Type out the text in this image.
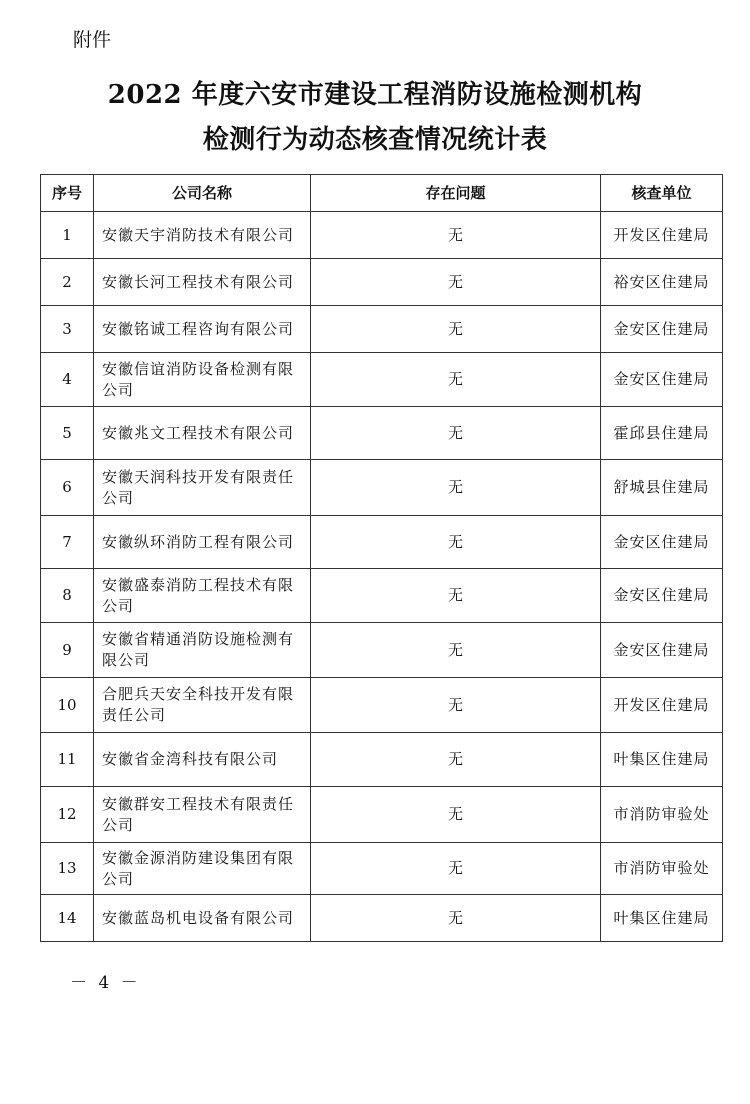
附件
2022 年度六安市建设工程消防设施检测机构
检测行为动态核查情况统计表
序号	公司名称	存在问题	核查单位
1	安徽天宇消防技术有限公司	无	开发区住建局
2	安徽长河工程技术有限公司	无	裕安区住建局
3	安徽铭诚工程咨询有限公司	无	金安区住建局
4	安徽信谊消防设备检测有限公司	无	金安区住建局
5	安徽兆文工程技术有限公司	无	霍邱县住建局
6	安徽天润科技开发有限责任公司	无	舒城县住建局
7	安徽纵环消防工程有限公司	无	金安区住建局
8	安徽盛泰消防工程技术有限公司	无	金安区住建局
9	安徽省精通消防设施检测有限公司	无	金安区住建局
10	合肥兵天安全科技开发有限责任公司	无	开发区住建局
11	安徽省金湾科技有限公司	无	叶集区住建局
12	安徽群安工程技术有限责任公司	无	市消防审验处
13	安徽金源消防建设集团有限公司	无	市消防审验处
14	安徽蓝岛机电设备有限公司	无	叶集区住建局
－ 4 －
